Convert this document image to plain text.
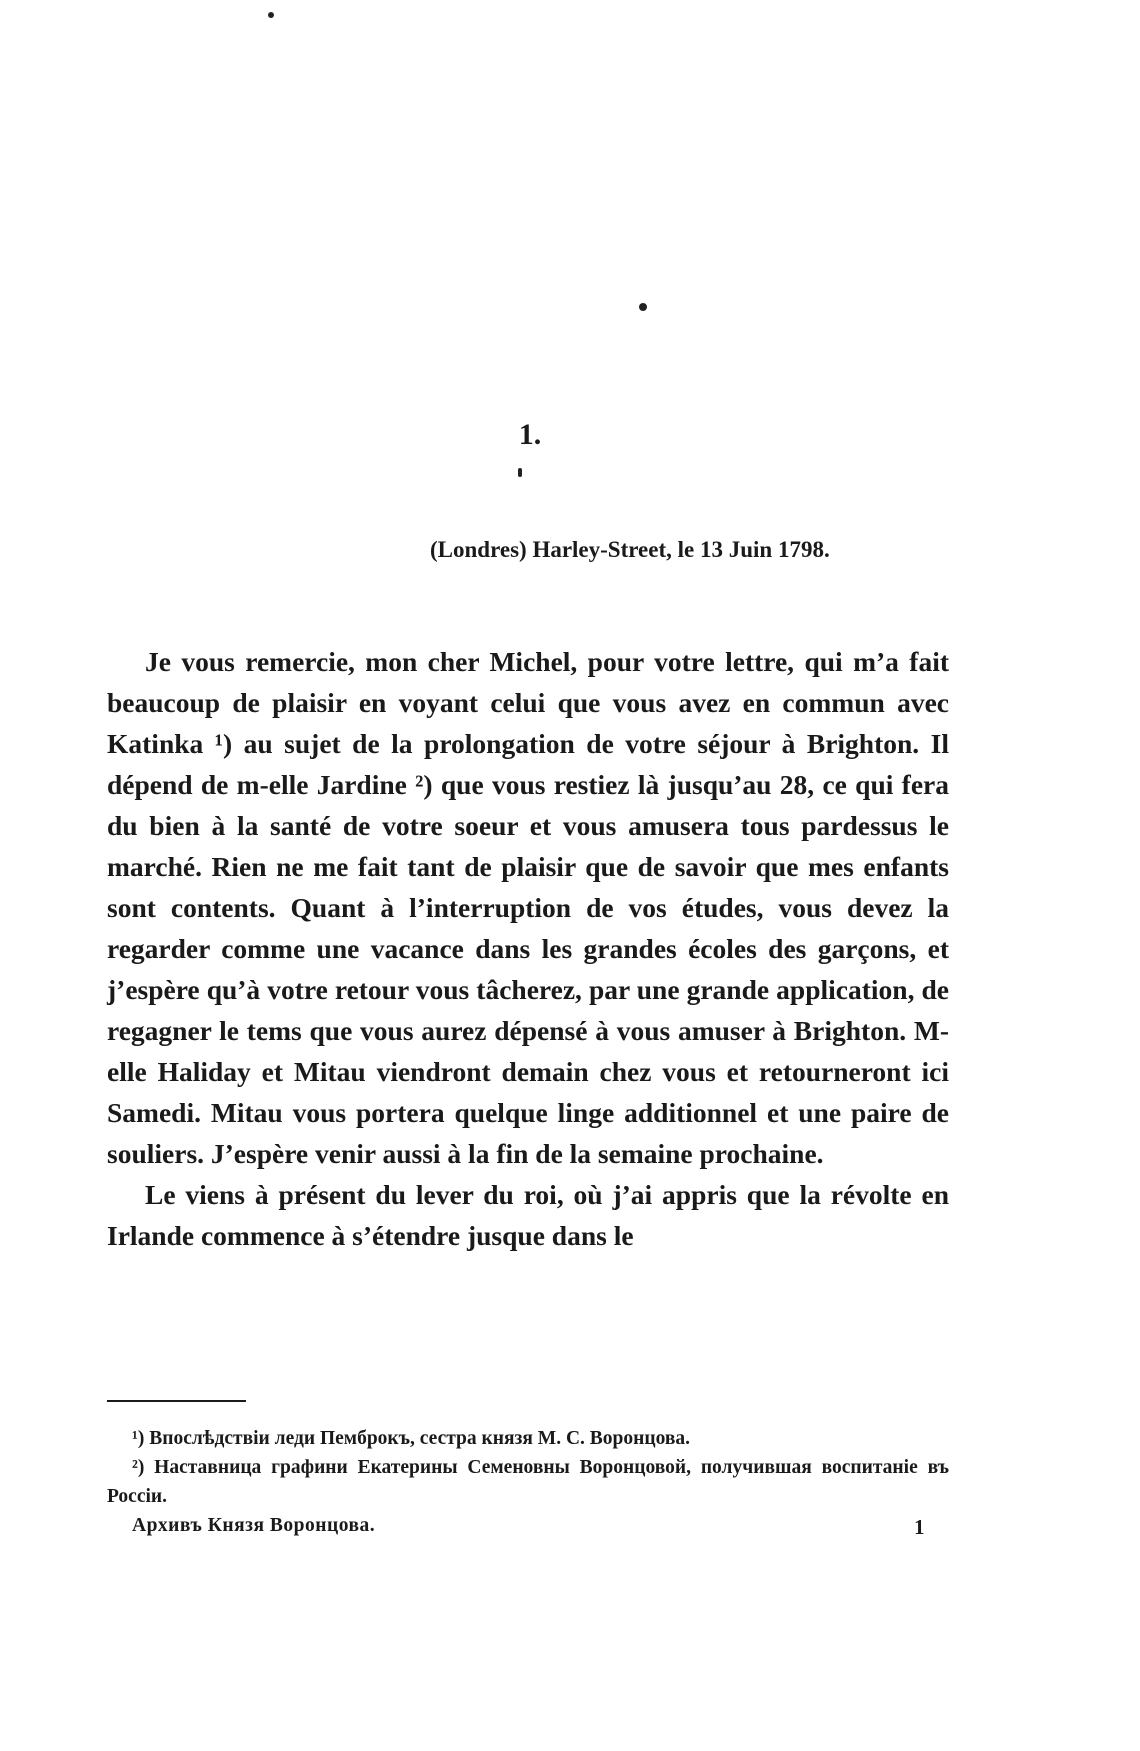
1.
(Londres) Harley-Street, le 13 Juin 1798.

Je vous remercie, mon cher Michel, pour votre lettre, qui m’a fait beaucoup de plaisir en voyant celui que vous avez en commun avec Katinka ¹) au sujet de la prolongation de votre séjour à Brighton. Il dépend de m-elle Jardine ²) que vous restiez là jusqu’au 28, ce qui fera du bien à la santé de votre soeur et vous amusera tous pardessus le marché. Rien ne me fait tant de plaisir que de savoir que mes enfants sont contents. Quant à l’interruption de vos études, vous devez la regarder comme une vacance dans les grandes écoles des garçons, et j’espère qu’à votre retour vous tâcherez, par une grande application, de regagner le tems que vous aurez dépensé à vous amuser à Brighton. M-elle Haliday et Mitau viendront demain chez vous et retourneront ici Samedi. Mitau vous portera quelque linge additionnel et une paire de souliers. J’espère venir aussi à la fin de la semaine prochaine.

Le viens à présent du lever du roi, où j’ai appris que la révolte en Irlande commence à s’étendre jusque dans le

¹) Впослѣдствіи леди Пемброкъ, сестра князя М. С. Воронцова.

²) Наставница графини Екатерины Семеновны Воронцовой, получившая воспитаніе въ Россіи.

Архивъ Князя Воронцова.	1
